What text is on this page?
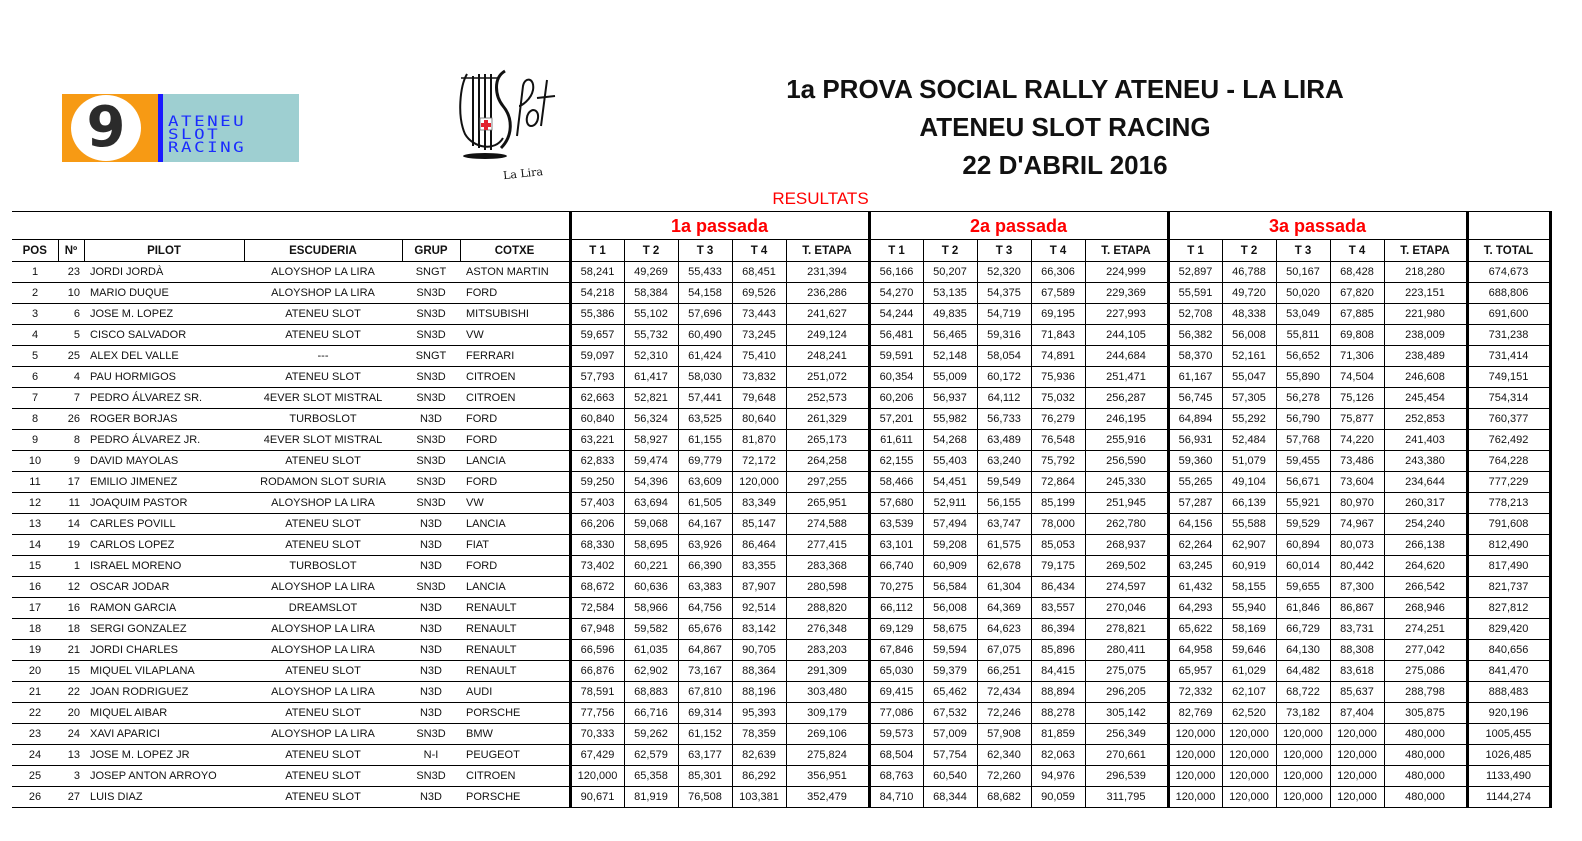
9	ATENEU
SLOT
RACING
La Lira
1a PROVA SOCIAL RALLY ATENEU - LA LIRA
ATENEU SLOT RACING
22 D'ABRIL 2016
RESULTATS
						1a passada					2a passada					3a passada					
POS	Nº	PILOT	ESCUDERIA	GRUP	COTXE	T 1	T 2	T 3	T 4	T. ETAPA	T 1	T 2	T 3	T 4	T. ETAPA	T 1	T 2	T 3	T 4	T. ETAPA	T. TOTAL
1	23	JORDI JORDÀ	ALOYSHOP LA LIRA	SNGT	ASTON MARTIN	58,241	49,269	55,433	68,451	231,394	56,166	50,207	52,320	66,306	224,999	52,897	46,788	50,167	68,428	218,280	674,673
2	10	MARIO DUQUE	ALOYSHOP LA LIRA	SN3D	FORD	54,218	58,384	54,158	69,526	236,286	54,270	53,135	54,375	67,589	229,369	55,591	49,720	50,020	67,820	223,151	688,806
3	6	JOSE M. LOPEZ	ATENEU SLOT	SN3D	MITSUBISHI	55,386	55,102	57,696	73,443	241,627	54,244	49,835	54,719	69,195	227,993	52,708	48,338	53,049	67,885	221,980	691,600
4	5	CISCO SALVADOR	ATENEU SLOT	SN3D	VW	59,657	55,732	60,490	73,245	249,124	56,481	56,465	59,316	71,843	244,105	56,382	56,008	55,811	69,808	238,009	731,238
5	25	ALEX DEL VALLE	---	SNGT	FERRARI	59,097	52,310	61,424	75,410	248,241	59,591	52,148	58,054	74,891	244,684	58,370	52,161	56,652	71,306	238,489	731,414
6	4	PAU HORMIGOS	ATENEU SLOT	SN3D	CITROEN	57,793	61,417	58,030	73,832	251,072	60,354	55,009	60,172	75,936	251,471	61,167	55,047	55,890	74,504	246,608	749,151
7	7	PEDRO ÁLVAREZ SR.	4EVER SLOT MISTRAL	SN3D	CITROEN	62,663	52,821	57,441	79,648	252,573	60,206	56,937	64,112	75,032	256,287	56,745	57,305	56,278	75,126	245,454	754,314
8	26	ROGER BORJAS	TURBOSLOT	N3D	FORD	60,840	56,324	63,525	80,640	261,329	57,201	55,982	56,733	76,279	246,195	64,894	55,292	56,790	75,877	252,853	760,377
9	8	PEDRO ÁLVAREZ JR.	4EVER SLOT MISTRAL	SN3D	FORD	63,221	58,927	61,155	81,870	265,173	61,611	54,268	63,489	76,548	255,916	56,931	52,484	57,768	74,220	241,403	762,492
10	9	DAVID MAYOLAS	ATENEU SLOT	SN3D	LANCIA	62,833	59,474	69,779	72,172	264,258	62,155	55,403	63,240	75,792	256,590	59,360	51,079	59,455	73,486	243,380	764,228
11	17	EMILIO JIMENEZ	RODAMON SLOT SURIA	SN3D	FORD	59,250	54,396	63,609	120,000	297,255	58,466	54,451	59,549	72,864	245,330	55,265	49,104	56,671	73,604	234,644	777,229
12	11	JOAQUIM PASTOR	ALOYSHOP LA LIRA	SN3D	VW	57,403	63,694	61,505	83,349	265,951	57,680	52,911	56,155	85,199	251,945	57,287	66,139	55,921	80,970	260,317	778,213
13	14	CARLES POVILL	ATENEU SLOT	N3D	LANCIA	66,206	59,068	64,167	85,147	274,588	63,539	57,494	63,747	78,000	262,780	64,156	55,588	59,529	74,967	254,240	791,608
14	19	CARLOS LOPEZ	ATENEU SLOT	N3D	FIAT	68,330	58,695	63,926	86,464	277,415	63,101	59,208	61,575	85,053	268,937	62,264	62,907	60,894	80,073	266,138	812,490
15	1	ISRAEL MORENO	TURBOSLOT	N3D	FORD	73,402	60,221	66,390	83,355	283,368	66,740	60,909	62,678	79,175	269,502	63,245	60,919	60,014	80,442	264,620	817,490
16	12	OSCAR JODAR	ALOYSHOP LA LIRA	SN3D	LANCIA	68,672	60,636	63,383	87,907	280,598	70,275	56,584	61,304	86,434	274,597	61,432	58,155	59,655	87,300	266,542	821,737
17	16	RAMON GARCIA	DREAMSLOT	N3D	RENAULT	72,584	58,966	64,756	92,514	288,820	66,112	56,008	64,369	83,557	270,046	64,293	55,940	61,846	86,867	268,946	827,812
18	18	SERGI GONZALEZ	ALOYSHOP LA LIRA	N3D	RENAULT	67,948	59,582	65,676	83,142	276,348	69,129	58,675	64,623	86,394	278,821	65,622	58,169	66,729	83,731	274,251	829,420
19	21	JORDI CHARLES	ALOYSHOP LA LIRA	N3D	RENAULT	66,596	61,035	64,867	90,705	283,203	67,846	59,594	67,075	85,896	280,411	64,958	59,646	64,130	88,308	277,042	840,656
20	15	MIQUEL VILAPLANA	ATENEU SLOT	N3D	RENAULT	66,876	62,902	73,167	88,364	291,309	65,030	59,379	66,251	84,415	275,075	65,957	61,029	64,482	83,618	275,086	841,470
21	22	JOAN RODRIGUEZ	ALOYSHOP LA LIRA	N3D	AUDI	78,591	68,883	67,810	88,196	303,480	69,415	65,462	72,434	88,894	296,205	72,332	62,107	68,722	85,637	288,798	888,483
22	20	MIQUEL AIBAR	ATENEU SLOT	N3D	PORSCHE	77,756	66,716	69,314	95,393	309,179	77,086	67,532	72,246	88,278	305,142	82,769	62,520	73,182	87,404	305,875	920,196
23	24	XAVI APARICI	ALOYSHOP LA LIRA	SN3D	BMW	70,333	59,262	61,152	78,359	269,106	59,573	57,009	57,908	81,859	256,349	120,000	120,000	120,000	120,000	480,000	1005,455
24	13	JOSE M. LOPEZ JR	ATENEU SLOT	N-I	PEUGEOT	67,429	62,579	63,177	82,639	275,824	68,504	57,754	62,340	82,063	270,661	120,000	120,000	120,000	120,000	480,000	1026,485
25	3	JOSEP ANTON ARROYO	ATENEU SLOT	SN3D	CITROEN	120,000	65,358	85,301	86,292	356,951	68,763	60,540	72,260	94,976	296,539	120,000	120,000	120,000	120,000	480,000	1133,490
26	27	LUIS DIAZ	ATENEU SLOT	N3D	PORSCHE	90,671	81,919	76,508	103,381	352,479	84,710	68,344	68,682	90,059	311,795	120,000	120,000	120,000	120,000	480,000	1144,274
